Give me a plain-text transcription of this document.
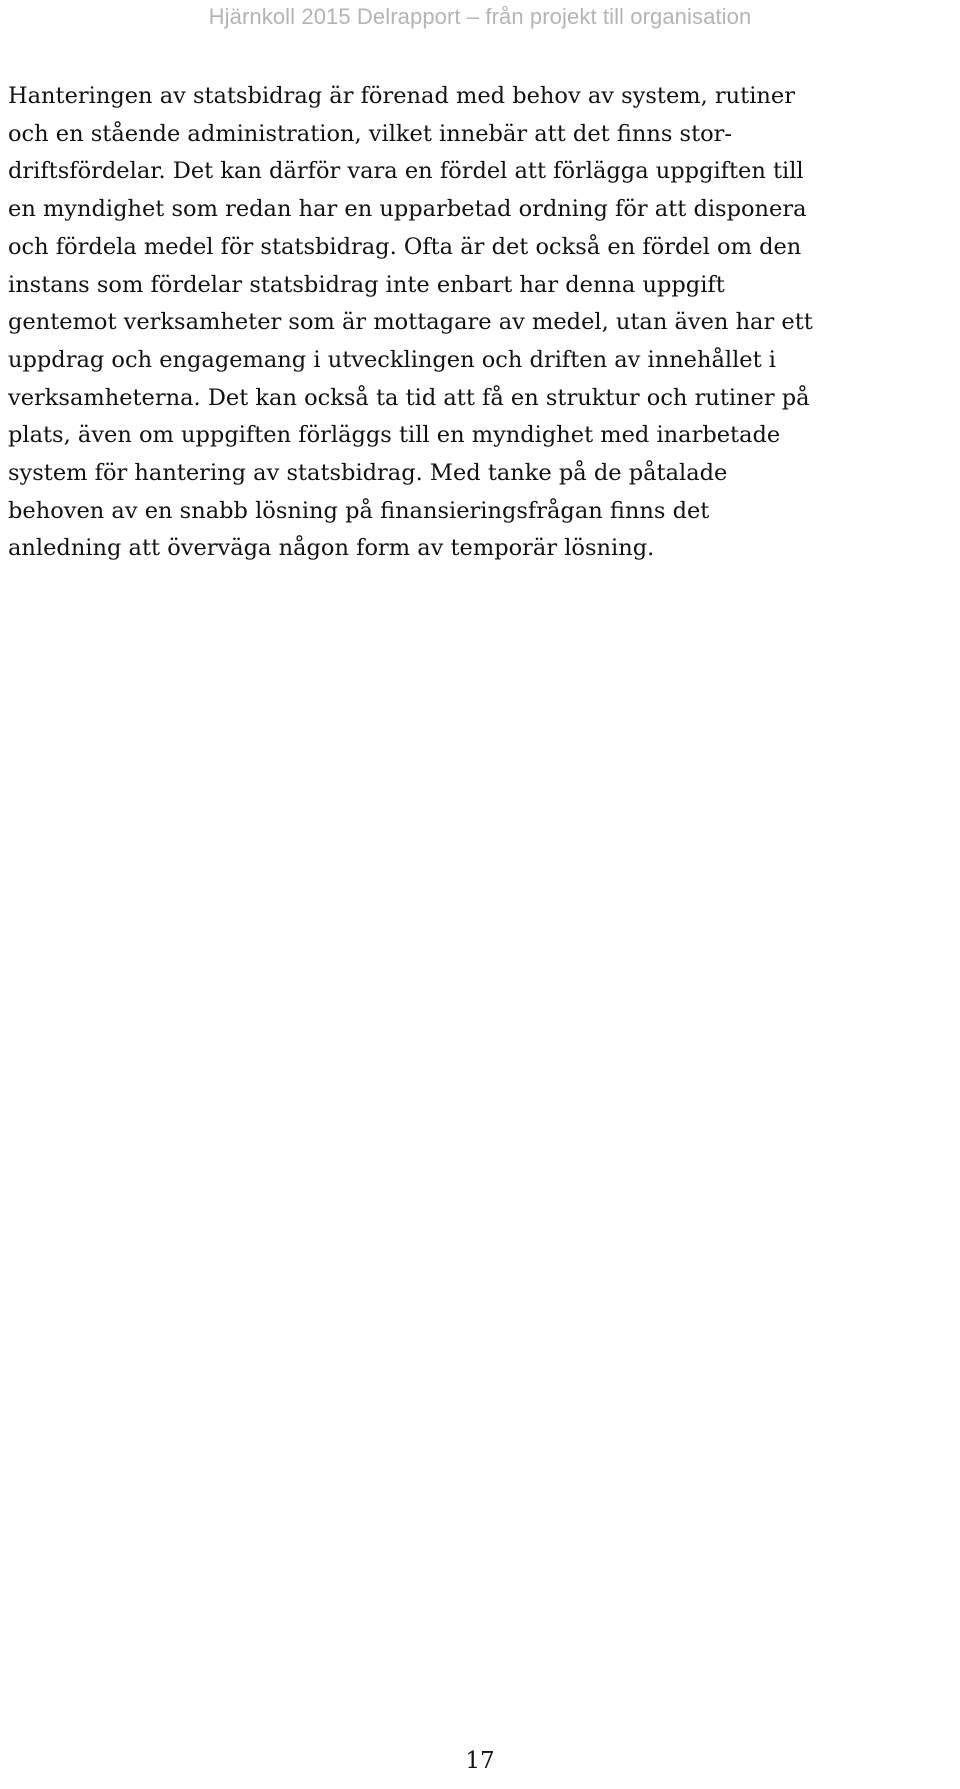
Hjärnkoll 2015 Delrapport – från projekt till organisation

Hanteringen av statsbidrag är förenad med behov av system, rutiner
och en stående administration, vilket innebär att det finns stor-
driftsfördelar. Det kan därför vara en fördel att förlägga uppgiften till
en myndighet som redan har en upparbetad ordning för att disponera
och fördela medel för statsbidrag. Ofta är det också en fördel om den
instans som fördelar statsbidrag inte enbart har denna uppgift
gentemot verksamheter som är mottagare av medel, utan även har ett
uppdrag och engagemang i utvecklingen och driften av innehållet i
verksamheterna. Det kan också ta tid att få en struktur och rutiner på
plats, även om uppgiften förläggs till en myndighet med inarbetade
system för hantering av statsbidrag. Med tanke på de påtalade
behoven av en snabb lösning på finansieringsfrågan finns det
anledning att överväga någon form av temporär lösning.

17
